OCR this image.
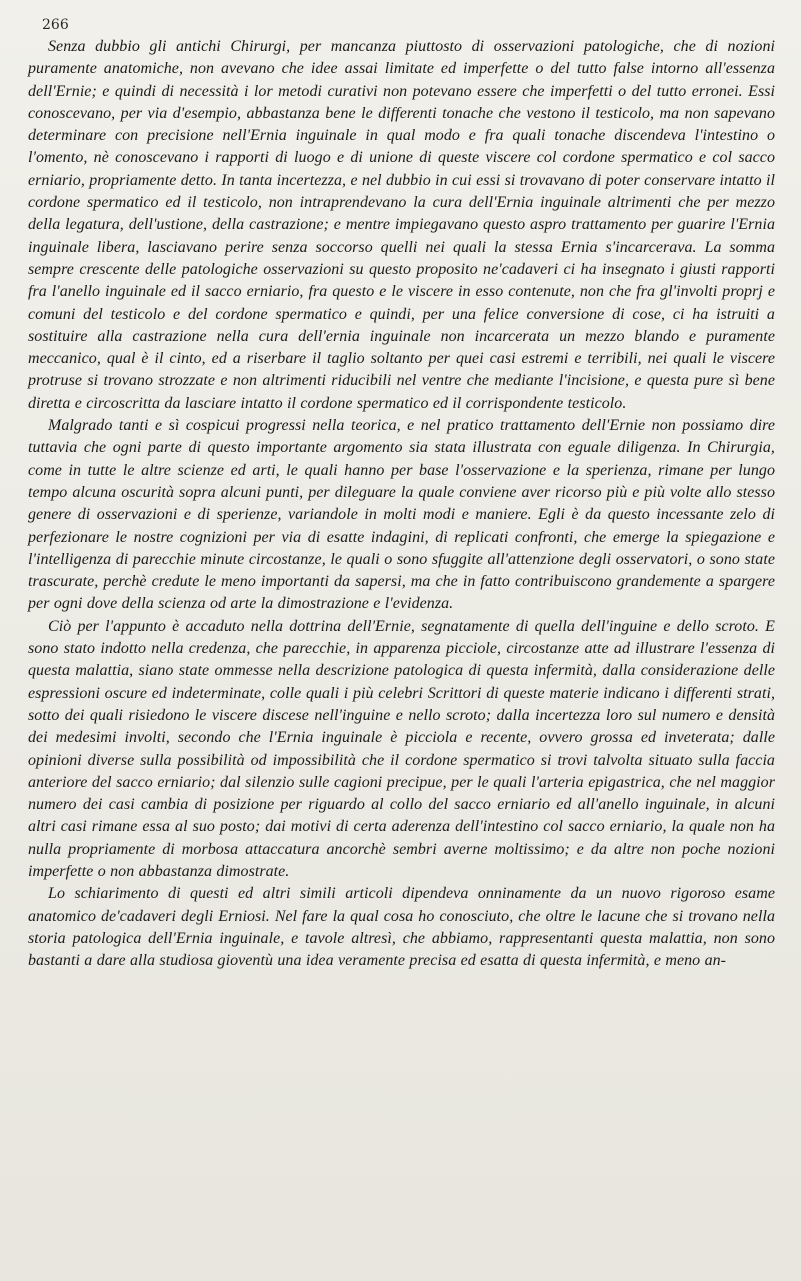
266

Senza dubbio gli antichi Chirurgi, per mancanza piuttosto di osservazioni patologiche, che di nozioni puramente anatomiche, non avevano che idee assai limitate ed imperfette o del tutto false intorno all'essenza dell'Ernie; e quindi di necessità i lor metodi curativi non potevano essere che imperfetti o del tutto erronei. Essi conoscevano, per via d'esempio, abbastanza bene le differenti tonache che vestono il testicolo, ma non sapevano determinare con precisione nell'Ernia inguinale in qual modo e fra quali tonache discendeva l'intestino o l'omento, nè conoscevano i rapporti di luogo e di unione di queste viscere col cordone spermatico e col sacco erniario, propriamente detto. In tanta incertezza, e nel dubbio in cui essi si trovavano di poter conservare intatto il cordone spermatico ed il testicolo, non intraprendevano la cura dell'Ernia inguinale altrimenti che per mezzo della legatura, dell'ustione, della castrazione; e mentre impiegavano questo aspro trattamento per guarire l'Ernia inguinale libera, lasciavano perire senza soccorso quelli nei quali la stessa Ernia s'incarcerava. La somma sempre crescente delle patologiche osservazioni su questo proposito ne'cadaveri ci ha insegnato i giusti rapporti fra l'anello inguinale ed il sacco erniario, fra questo e le viscere in esso contenute, non che fra gl'involti proprj e comuni del testicolo e del cordone spermatico e quindi, per una felice conversione di cose, ci ha istruiti a sostituire alla castrazione nella cura dell'ernia inguinale non incarcerata un mezzo blando e puramente meccanico, qual è il cinto, ed a riserbare il taglio soltanto per quei casi estremi e terribili, nei quali le viscere protruse si trovano strozzate e non altrimenti riducibili nel ventre che mediante l'incisione, e questa pure sì bene diretta e circoscritta da lasciare intatto il cordone spermatico ed il corrispondente testicolo.

Malgrado tanti e sì cospicui progressi nella teorica, e nel pratico trattamento dell'Ernie non possiamo dire tuttavia che ogni parte di questo importante argomento sia stata illustrata con eguale diligenza. In Chirurgia, come in tutte le altre scienze ed arti, le quali hanno per base l'osservazione e la sperienza, rimane per lungo tempo alcuna oscurità sopra alcuni punti, per dileguare la quale conviene aver ricorso più e più volte allo stesso genere di osservazioni e di sperienze, variandole in molti modi e maniere. Egli è da questo incessante zelo di perfezionare le nostre cognizioni per via di esatte indagini, di replicati confronti, che emerge la spiegazione e l'intelligenza di parecchie minute circostanze, le quali o sono sfuggite all'attenzione degli osservatori, o sono state trascurate, perchè credute le meno importanti da sapersi, ma che in fatto contribuiscono grandemente a spargere per ogni dove della scienza od arte la dimostrazione e l'evidenza.

Ciò per l'appunto è accaduto nella dottrina dell'Ernie, segnatamente di quella dell'inguine e dello scroto. E sono stato indotto nella credenza, che parecchie, in apparenza picciole, circostanze atte ad illustrare l'essenza di questa malattia, siano state ommesse nella descrizione patologica di questa infermità, dalla considerazione delle espressioni oscure ed indeterminate, colle quali i più celebri Scrittori di queste materie indicano i differenti strati, sotto dei quali risiedono le viscere discese nell'inguine e nello scroto; dalla incertezza loro sul numero e densità dei medesimi involti, secondo che l'Ernia inguinale è picciola e recente, ovvero grossa ed inveterata; dalle opinioni diverse sulla possibilità od impossibilità che il cordone spermatico si trovi talvolta situato sulla faccia anteriore del sacco erniario; dal silenzio sulle cagioni precipue, per le quali l'arteria epigastrica, che nel maggior numero dei casi cambia di posizione per riguardo al collo del sacco erniario ed all'anello inguinale, in alcuni altri casi rimane essa al suo posto; dai motivi di certa aderenza dell'intestino col sacco erniario, la quale non ha nulla propriamente di morbosa attaccatura ancorchè sembri averne moltissimo; e da altre non poche nozioni imperfette o non abbastanza dimostrate.

Lo schiarimento di questi ed altri simili articoli dipendeva onninamente da un nuovo rigoroso esame anatomico de'cadaveri degli Erniosi. Nel fare la qual cosa ho conosciuto, che oltre le lacune che si trovano nella storia patologica dell'Ernia inguinale, e tavole altresì, che abbiamo, rappresentanti questa malattia, non sono bastanti a dare alla studiosa gioventù una idea veramente precisa ed esatta di questa infermità, e meno an-
